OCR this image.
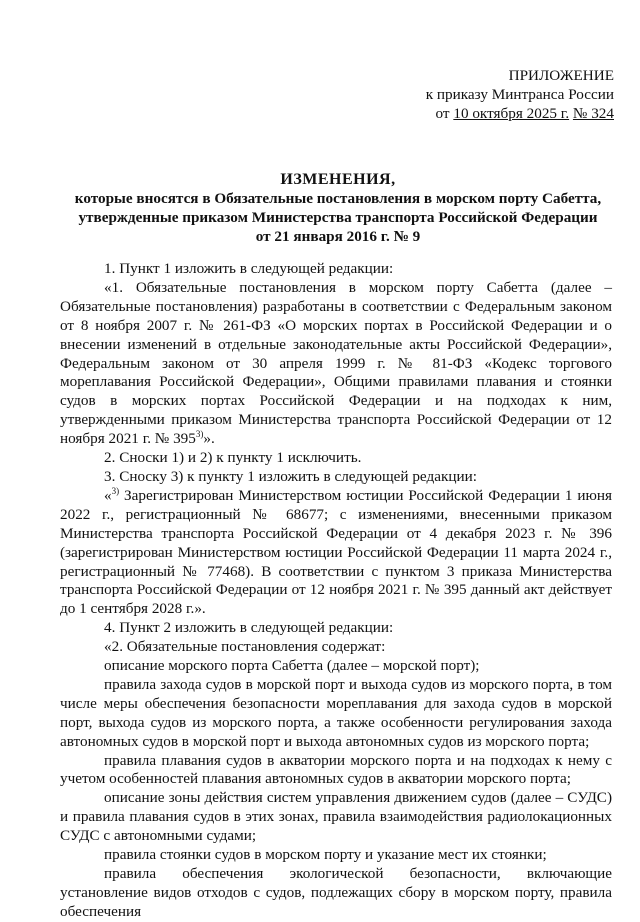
ПРИЛОЖЕНИЕ
к приказу Минтранса России
от 10 октября 2025 г. № 324
ИЗМЕНЕНИЯ,
которые вносятся в Обязательные постановления в морском порту Сабетта,
утвержденные приказом Министерства транспорта Российской Федерации
от 21 января 2016 г. № 9

1. Пункт 1 изложить в следующей редакции:

«1. Обязательные постановления в морском порту Сабетта (далее – Обязательные постановления) разработаны в соответствии с Федеральным законом от 8 ноября 2007 г. № 261-ФЗ «О морских портах в Российской Федерации и о внесении изменений в отдельные законодательные акты Российской Федерации», Федеральным законом от 30 апреля 1999 г. № 81-ФЗ «Кодекс торгового мореплавания Российской Федерации», Общими правилами плавания и стоянки судов в морских портах Российской Федерации и на подходах к ним, утвержденными приказом Министерства транспорта Российской Федерации от 12 ноября 2021 г. № 395$^{3)}$».

2. Сноски 1) и 2) к пункту 1 исключить.

3. Сноску 3) к пункту 1 изложить в следующей редакции:

«$^{3)}$ Зарегистрирован Министерством юстиции Российской Федерации 1 июня 2022 г., регистрационный № 68677; с изменениями, внесенными приказом Министерства транспорта Российской Федерации от 4 декабря 2023 г. № 396 (зарегистрирован Министерством юстиции Российской Федерации 11 марта 2024 г., регистрационный № 77468). В соответствии с пунктом 3 приказа Министерства транспорта Российской Федерации от 12 ноября 2021 г. № 395 данный акт действует до 1 сентября 2028 г.».

4. Пункт 2 изложить в следующей редакции:

«2. Обязательные постановления содержат:

описание морского порта Сабетта (далее – морской порт);

правила захода судов в морской порт и выхода судов из морского порта, в том числе меры обеспечения безопасности мореплавания для захода судов в морской порт, выхода судов из морского порта, а также особенности регулирования захода автономных судов в морской порт и выхода автономных судов из морского порта;

правила плавания судов в акватории морского порта и на подходах к нему с учетом особенностей плавания автономных судов в акватории морского порта;

описание зоны действия систем управления движением судов (далее – СУДС) и правила плавания судов в этих зонах, правила взаимодействия радиолокационных СУДС с автономными судами;

правила стоянки судов в морском порту и указание мест их стоянки;

правила обеспечения экологической безопасности, включающие установление видов отходов с судов, подлежащих сбору в морском порту, правила обеспечения
